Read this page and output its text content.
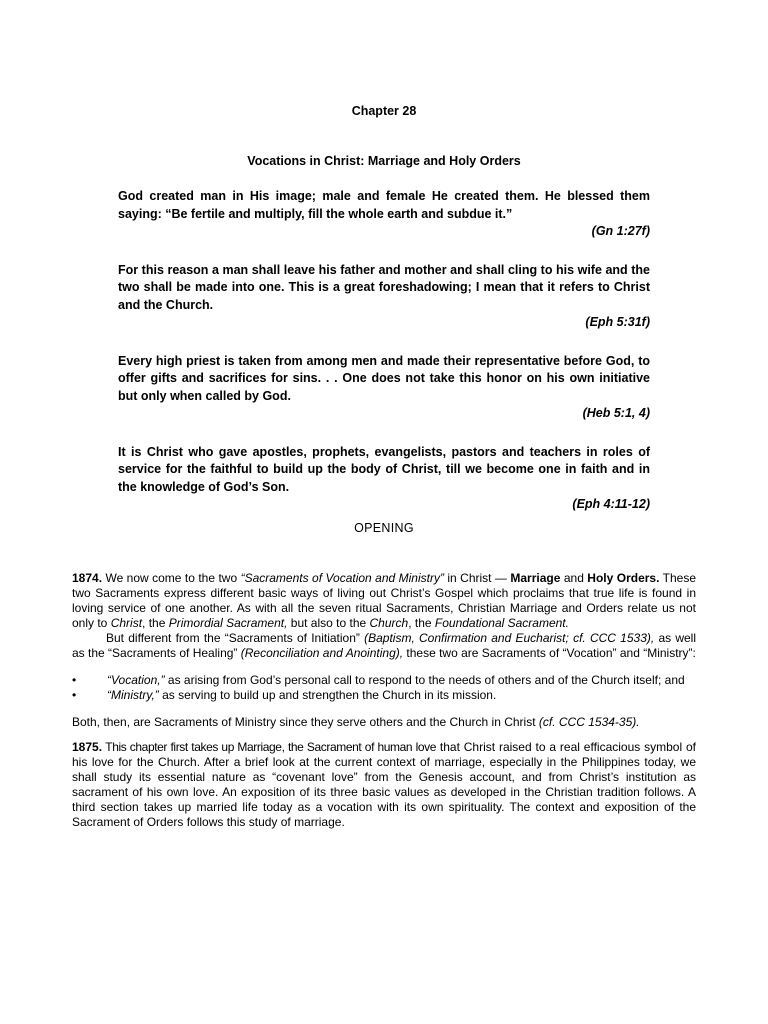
Chapter 28
Vocations in Christ: Marriage and Holy Orders

God created man in His image; male and female He created them. He blessed them saying: “Be fertile and multiply, fill the whole earth and subdue it.”

(Gn 1:27f)

For this reason a man shall leave his father and mother and shall cling to his wife and the two shall be made into one. This is a great foreshadowing; I mean that it refers to Christ and the Church.

(Eph 5:31f)

Every high priest is taken from among men and made their representative before God, to offer gifts and sacrifices for sins. . . One does not take this honor on his own initiative but only when called by God.

(Heb 5:1, 4)

It is Christ who gave apostles, prophets, evangelists, pastors and teachers in roles of service for the faithful to build up the body of Christ, till we become one in faith and in the knowledge of God’s Son.

(Eph 4:11-12)

OPENING

1874. We now come to the two “Sacraments of Vocation and Ministry” in Christ — Marriage and Holy Orders. These two Sacraments express different basic ways of living out Christ’s Gospel which proclaims that true life is found in loving service of one another. As with all the seven ritual Sacraments, Christian Marriage and Orders relate us not only to Christ, the Primordial Sacrament, but also to the Church, the Foundational Sacrament.

But different from the “Sacraments of Initiation” (Baptism, Confirmation and Eucharist; cf. CCC 1533), as well as the “Sacraments of Healing” (Reconciliation and Anointing), these two are Sacraments of “Vocation” and “Ministry”:

•	“Vocation,” as arising from God’s personal call to respond to the needs of others and of the Church itself; and
•	“Ministry,” as serving to build up and strengthen the Church in its mission.

Both, then, are Sacraments of Ministry since they serve others and the Church in Christ (cf. CCC 1534-35).

1875. This chapter first takes up Marriage, the Sacrament of human love that Christ raised to a real efficacious symbol of his love for the Church. After a brief look at the current context of marriage, especially in the Philippines today, we shall study its essential nature as “covenant love” from the Genesis account, and from Christ’s institution as sacrament of his own love. An exposition of its three basic values as developed in the Christian tradition follows. A third section takes up married life today as a vocation with its own spirituality. The context and exposition of the Sacrament of Orders follows this study of marriage.
